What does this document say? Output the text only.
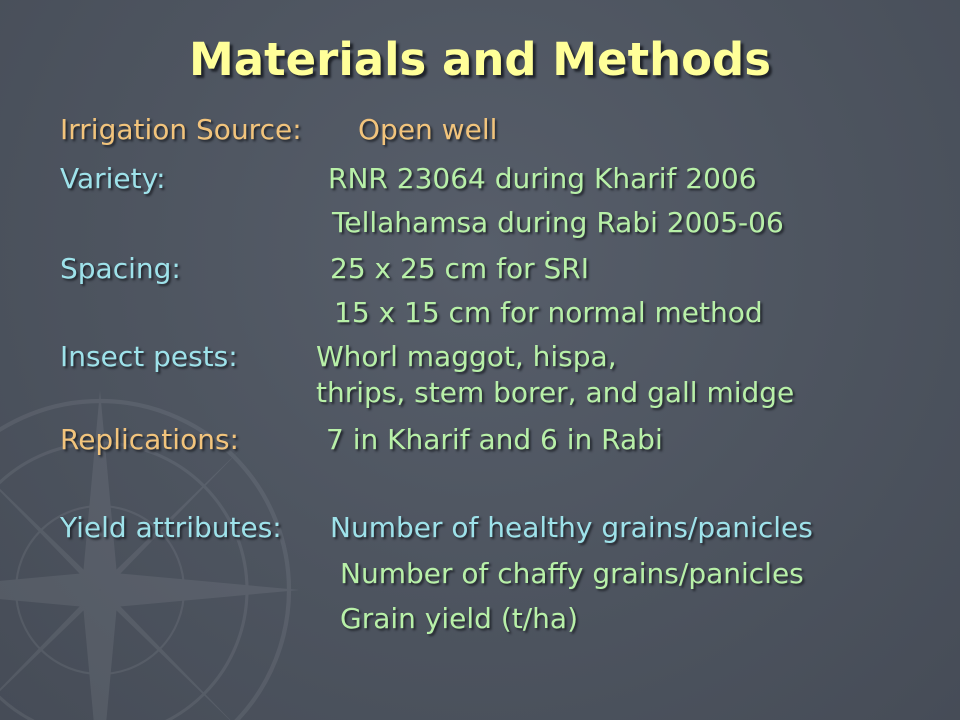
Materials and Methods

Irrigation Source: Open well

Variety:	RNR 23064 during Kharif 2006

Tellahamsa during Rabi 2005-06

Spacing:	25 x 25 cm for SRI

15 x 15 cm for normal method

Insect pests:	Whorl maggot, hispa,

thrips, stem borer, and gall midge

Replications:	7 in Kharif and 6 in Rabi

Yield attributes: Number of healthy grains/panicles

Number of chaffy grains/panicles

Grain yield (t/ha)
